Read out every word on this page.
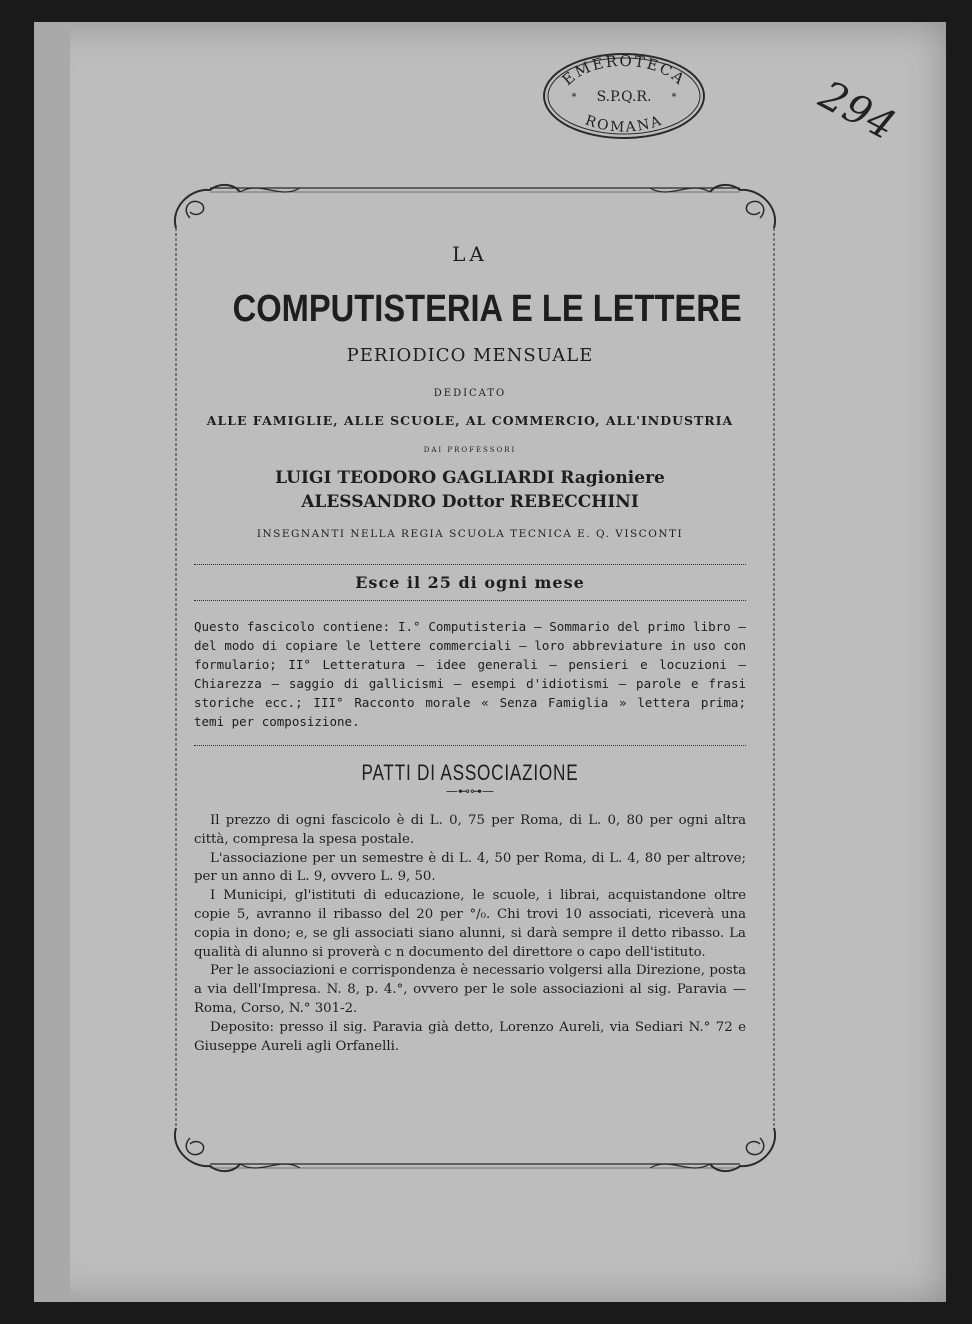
EMEROTECA
S.P.Q.R.
*	*
ROMANA	294
LA
COMPUTISTERIA E LE LETTERE
PERIODICO MENSUALE
DEDICATO
ALLE FAMIGLIE, ALLE SCUOLE, AL COMMERCIO, ALL'INDUSTRIA
DAI PROFESSORI
LUIGI TEODORO GAGLIARDI Ragioniere
ALESSANDRO Dottor REBECCHINI
INSEGNANTI NELLA REGIA SCUOLA TECNICA E. Q. VISCONTI
Esce il 25 di ogni mese
Questo fascicolo contiene: I.° Computisteria — Sommario del primo libro — del modo di copiare le lettere commerciali — loro abbreviature in uso con formulario; II° Letteratura — idee generali — pensieri e locuzioni — Chiarezza — saggio di gallicismi — esempi d'idiotismi — parole e frasi storiche ecc.; III° Racconto morale « Senza Famiglia » lettera prima; temi per composizione.
PATTI DI ASSOCIAZIONE
—⊷⊶—

Il prezzo di ogni fascicolo è di L. 0, 75 per Roma, di L. 0, 80 per ogni altra città, compresa la spesa postale.

L'associazione per un semestre è di L. 4, 50 per Roma, di L. 4, 80 per altrove; per un anno di L. 9, ovvero L. 9, 50.

I Municipi, gl'istituti di educazione, le scuole, i librai, acquistandone oltre copie 5, avranno il ribasso del 20 per °/₀. Chi trovi 10 associati, riceverà una copia in dono; e, se gli associati siano alunni, si darà sempre il detto ribasso. La qualità di alunno si proverà c n documento del direttore o capo dell'istituto.

Per le associazioni e corrispondenza è necessario volgersi alla Direzione, posta a via dell'Impresa. N. 8, p. 4.°, ovvero per le sole associazioni al sig. Paravia — Roma, Corso, N.° 301-2.

Deposito: presso il sig. Paravia già detto, Lorenzo Aureli, via Sediari N.° 72 e Giuseppe Aureli agli Orfanelli.
